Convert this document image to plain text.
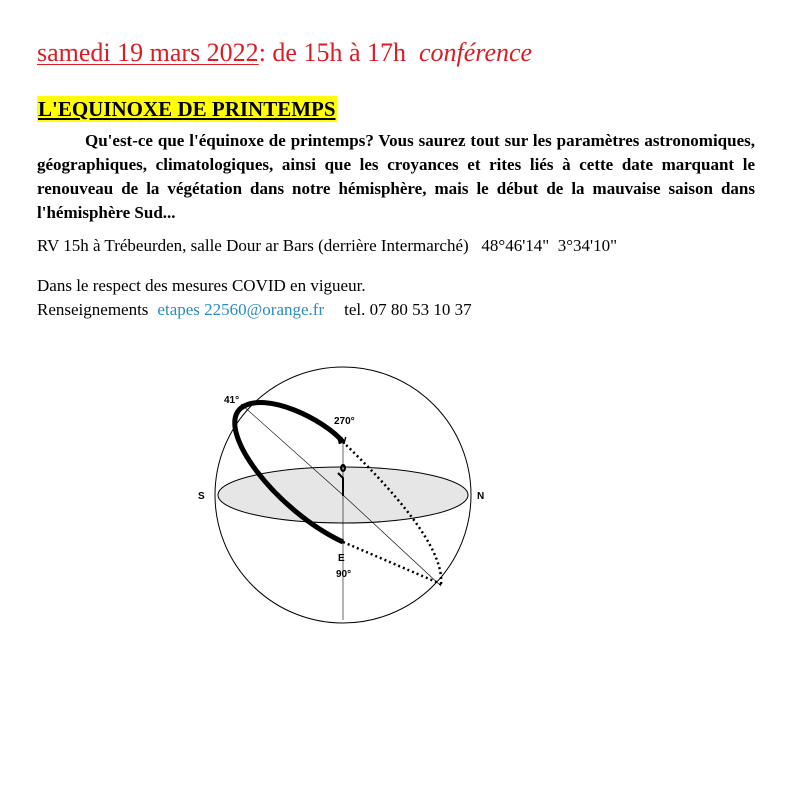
samedi 19 mars 2022: de 15h à 17h conférence
L'EQUINOXE DE PRINTEMPS

Qu'est-ce que l'équinoxe de printemps? Vous saurez tout sur les paramètres astronomiques, géographiques, climatologiques, ainsi que les croyances et rites liés à cette date marquant le renouveau de la végétation dans notre hémisphère, mais le début de la mauvaise saison dans l'hémisphère Sud...

RV 15h à Trébeurden, salle Dour ar Bars (derrière Intermarché) 48°46'14"  3°34'10"

Dans le respect des mesures COVID en vigueur.

Renseignements etapes 22560@orange.fr tel. 07 80 53 10 37

41°
270°
W
S	N
E
90°
